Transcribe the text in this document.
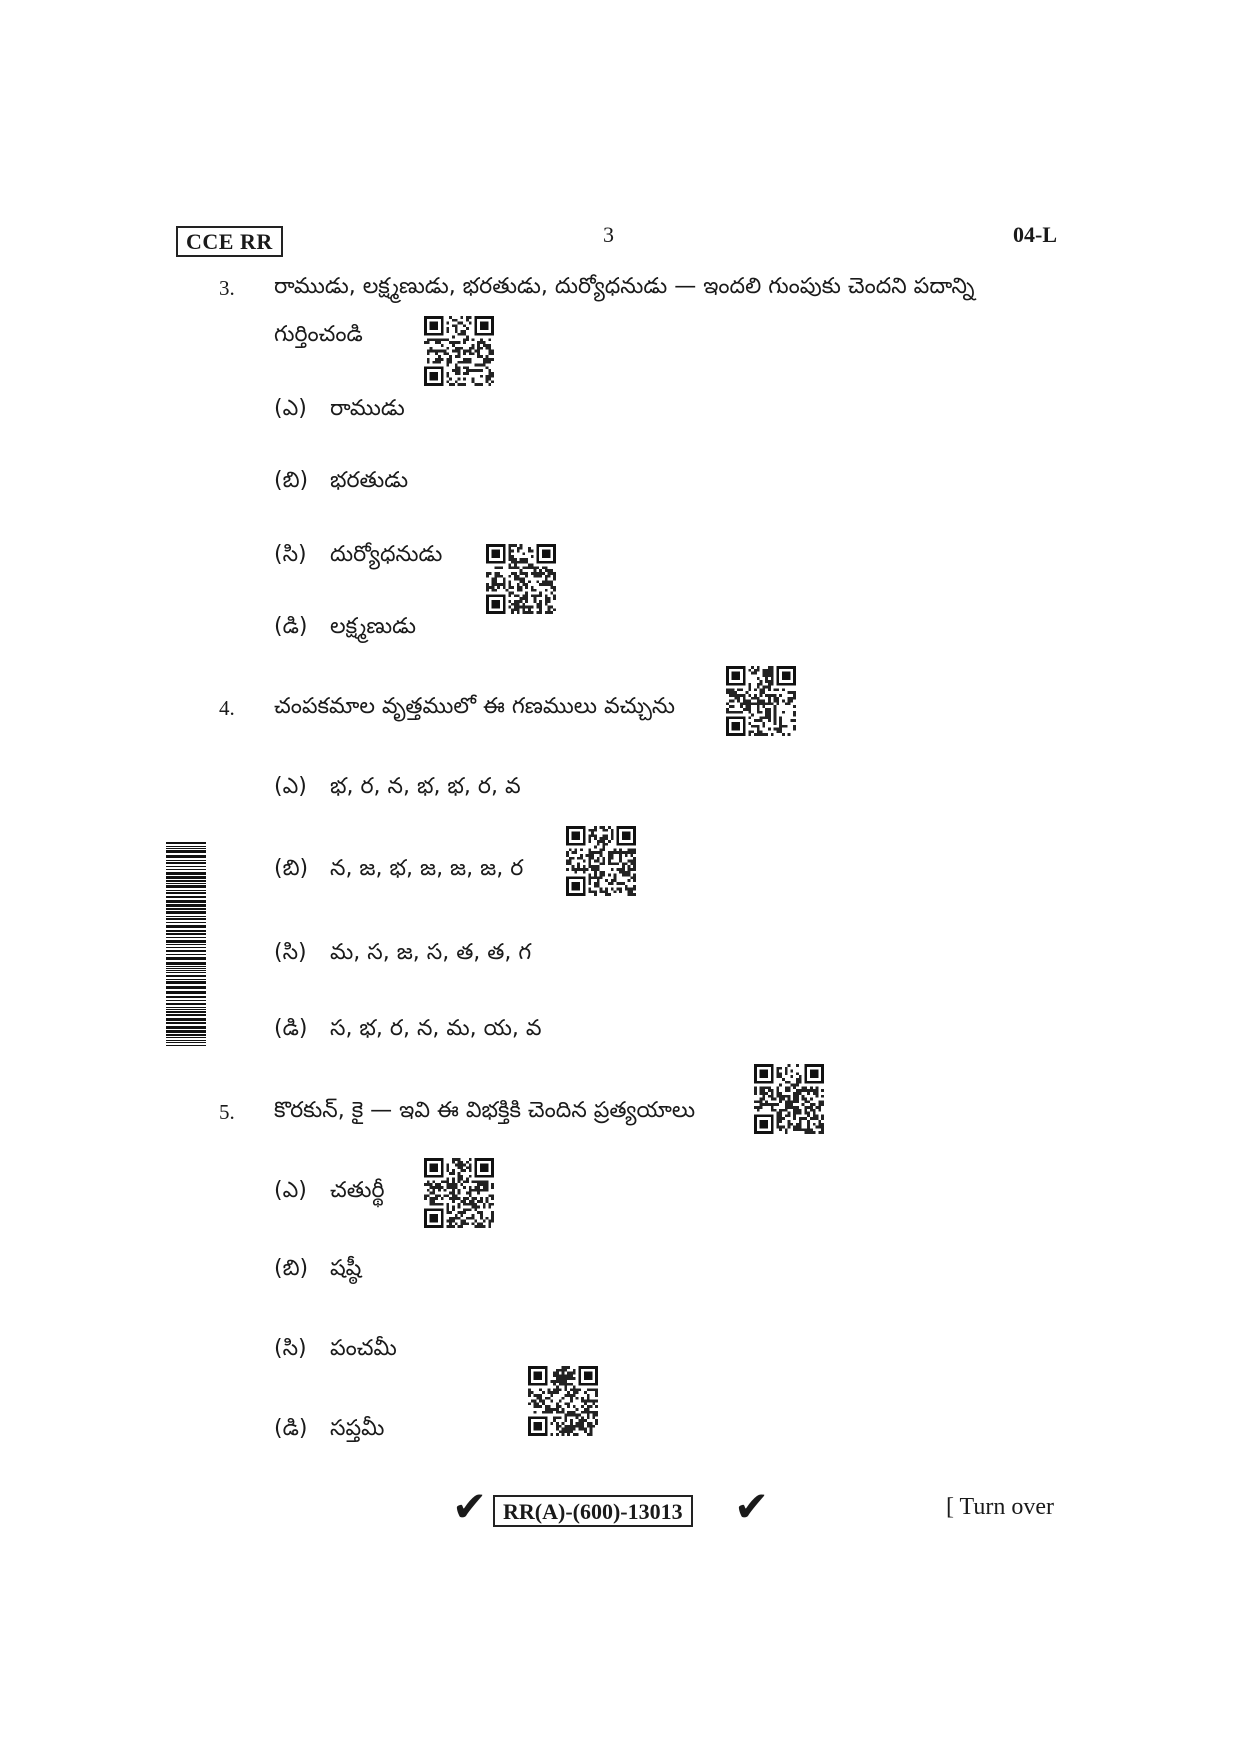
CCE RR	3	04-L
3. రాముడు, లక్ష్మణుడు, భరతుడు, దుర్యోధనుడు — ఇందలి గుంపుకు చెందని పదాన్ని
గుర్తించండి
(ఎ) రాముడు
(బి) భరతుడు
(సి) దుర్యోధనుడు
(డి) లక్ష్మణుడు
4. చంపకమాల వృత్తములో ఈ గణములు వచ్చును
(ఎ) భ, ర, న, భ, భ, ర, వ
(బి) న, జ, భ, జ, జ, జ, ర
(సి) మ, స, జ, స, త, త, గ
(డి) స, భ, ర, న, మ, య, వ
5. కొరకున్, కై — ఇవి ఈ విభక్తికి చెందిన ప్రత్యయాలు
(ఎ) చతుర్థీ
(బి) షష్ఠీ
(సి) పంచమీ
(డి) సప్తమీ
✔ RR(A)-(600)-13013 ✔	[ Turn over
